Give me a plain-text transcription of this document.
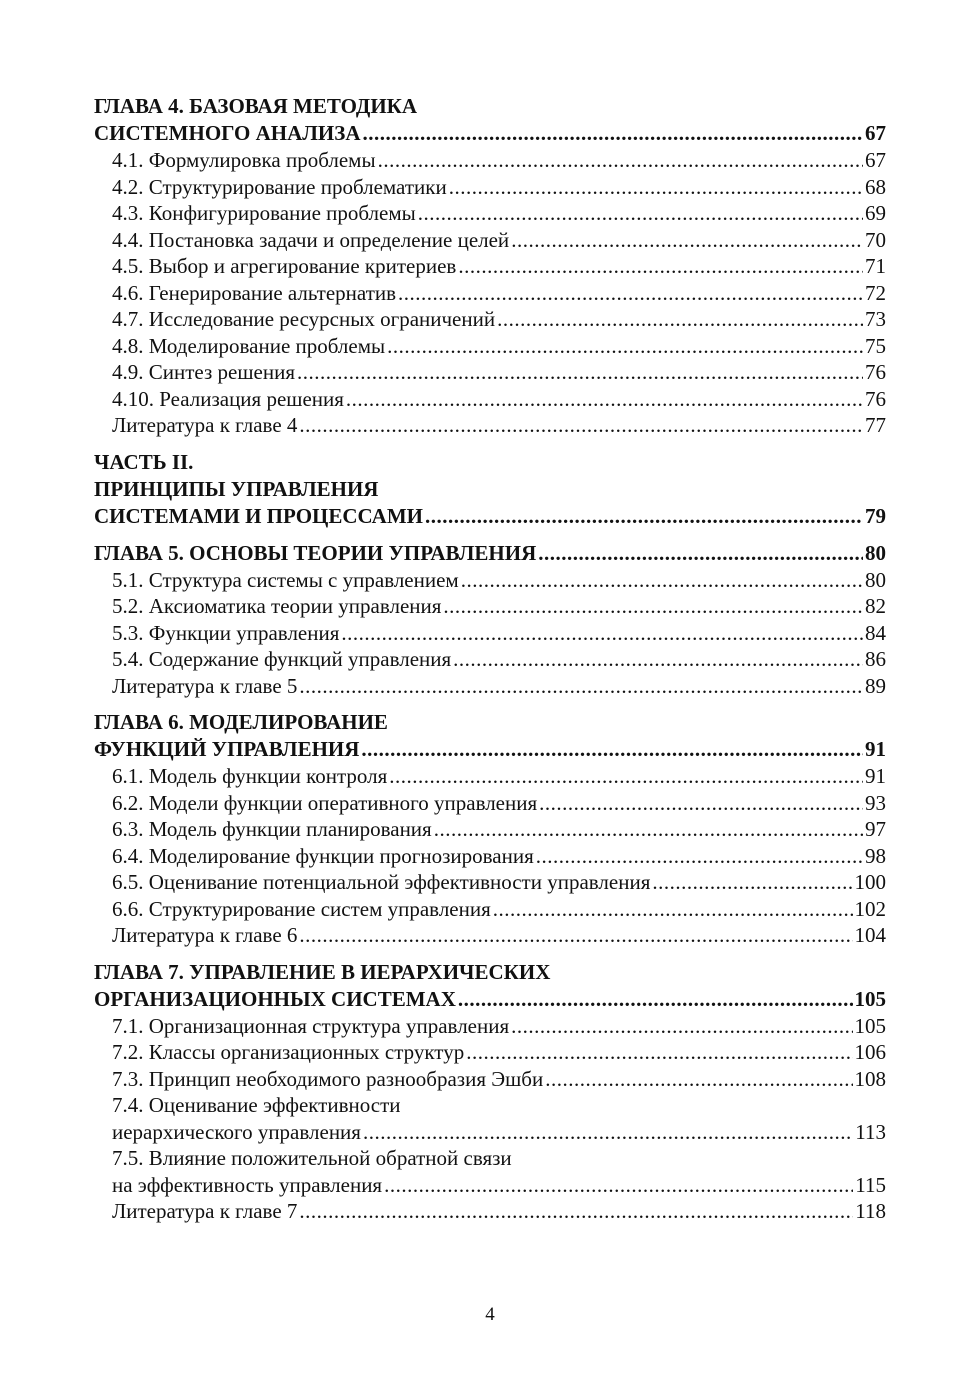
ГЛАВА 4. БАЗОВАЯ МЕТОДИКА
СИСТЕМНОГО АНАЛИЗА .....	67
4.1. Формулировка проблемы .....	67
4.2. Структурирование проблематики .....	68
4.3. Конфигурирование проблемы .....	69
4.4. Постановка задачи и определение целей .....	70
4.5. Выбор и агрегирование критериев .....	71
4.6. Генерирование альтернатив .....	72
4.7. Исследование ресурсных ограничений .....	73
4.8. Моделирование проблемы .....	75
4.9. Синтез решения .....	76
4.10. Реализация решения .....	76
Литература к главе 4 .....	77
ЧАСТЬ II.
ПРИНЦИПЫ УПРАВЛЕНИЯ
СИСТЕМАМИ И ПРОЦЕССАМИ .....	79
ГЛАВА 5. ОСНОВЫ ТЕОРИИ УПРАВЛЕНИЯ .....	80
5.1. Структура системы с управлением .....	80
5.2. Аксиоматика теории управления .....	82
5.3. Функции управления .....	84
5.4. Содержание функций управления .....	86
Литература к главе 5 .....	89
ГЛАВА 6. МОДЕЛИРОВАНИЕ
ФУНКЦИЙ УПРАВЛЕНИЯ .....	91
6.1. Модель функции контроля .....	91
6.2. Модели функции оперативного управления .....	93
6.3. Модель функции планирования .....	97
6.4. Моделирование функции прогнозирования .....	98
6.5. Оценивание потенциальной эффективности управления .....	100
6.6. Структурирование систем управления .....	102
Литература к главе 6 .....	104
ГЛАВА 7. УПРАВЛЕНИЕ В ИЕРАРХИЧЕСКИХ
ОРГАНИЗАЦИОННЫХ СИСТЕМАХ .....	105
7.1. Организационная структура управления .....	105
7.2. Классы организационных структур .....	106
7.3. Принцип необходимого разнообразия Эшби .....	108
7.4. Оценивание эффективности
иерархического управления .....	113
7.5. Влияние положительной обратной связи
на эффективность управления .....	115
Литература к главе 7 .....	118
4
